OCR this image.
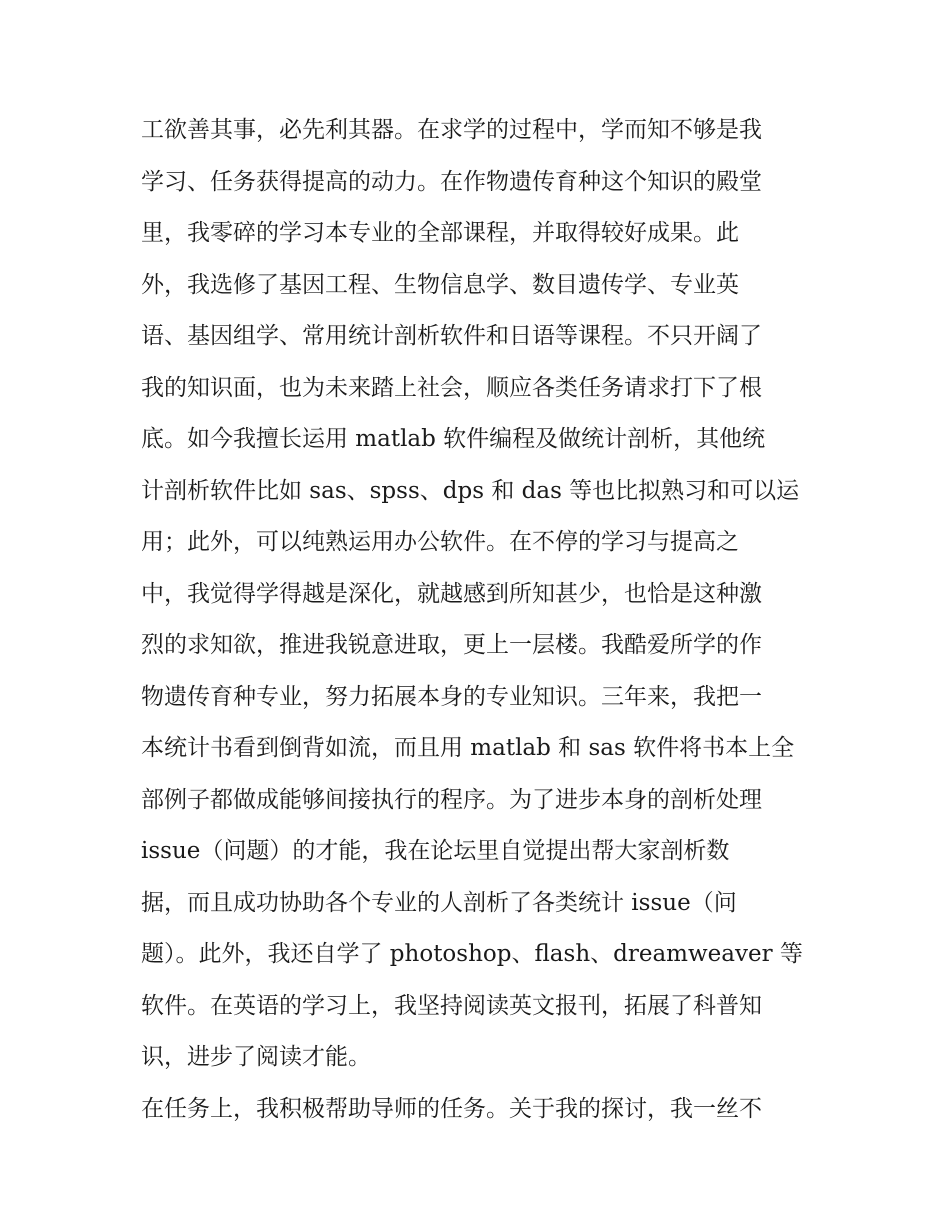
工欲善其事，必先利其器。在求学的过程中，学而知不够是我
学习、任务获得提高的动力。在作物遗传育种这个知识的殿堂
里，我零碎的学习本专业的全部课程，并取得较好成果。此
外，我选修了基因工程、生物信息学、数目遗传学、专业英
语、基因组学、常用统计剖析软件和日语等课程。不只开阔了
我的知识面，也为未来踏上社会，顺应各类任务请求打下了根
底。如今我擅长运用 matlab 软件编程及做统计剖析，其他统
计剖析软件比如 sas、spss、dps 和 das 等也比拟熟习和可以运
用；此外，可以纯熟运用办公软件。在不停的学习与提高之
中，我觉得学得越是深化，就越感到所知甚少，也恰是这种激
烈的求知欲，推进我锐意进取，更上一层楼。我酷爱所学的作
物遗传育种专业，努力拓展本身的专业知识。三年来，我把一
本统计书看到倒背如流，而且用 matlab 和 sas 软件将书本上全
部例子都做成能够间接执行的程序。为了进步本身的剖析处理
issue（问题）的才能，我在论坛里自觉提出帮大家剖析数
据，而且成功协助各个专业的人剖析了各类统计 issue（问
题）。此外，我还自学了 photoshop、flash、dreamweaver 等
软件。在英语的学习上，我坚持阅读英文报刊，拓展了科普知
识，进步了阅读才能。
在任务上，我积极帮助导师的任务。关于我的探讨，我一丝不
